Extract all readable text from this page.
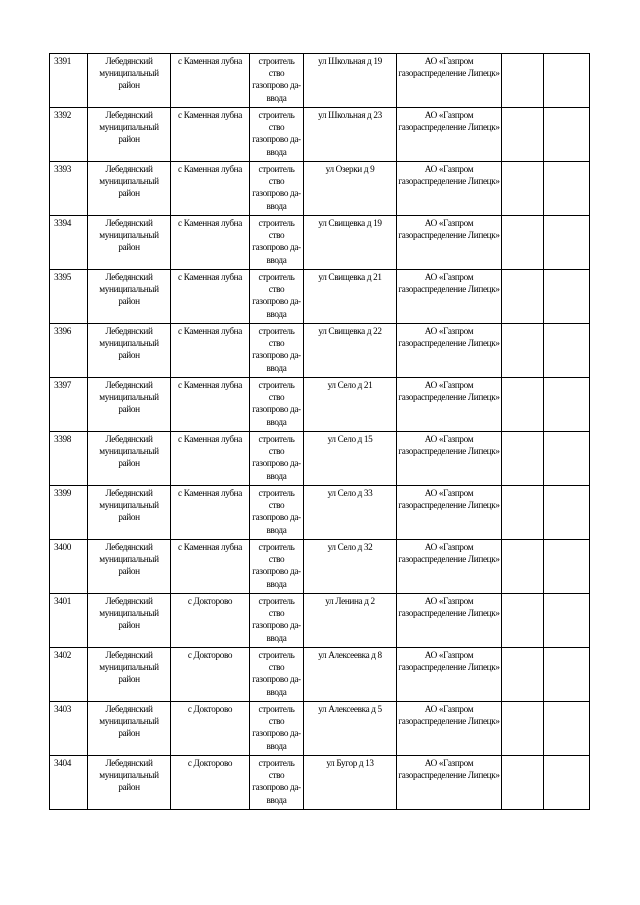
3391	Лебедянский муниципальный район	с Каменная лубна	строитель ство газопрово да-ввода	ул Школьная д 19	АО «Газпром газораспределение Липецк»		

3392	Лебедянский муниципальный район	с Каменная лубна	строитель ство газопрово да-ввода	ул Школьная д 23	АО «Газпром газораспределение Липецк»		

3393	Лебедянский муниципальный район	с Каменная лубна	строитель ство газопрово да-ввода	ул Озерки д 9	АО «Газпром газораспределение Липецк»		

3394	Лебедянский муниципальный район	с Каменная лубна	строитель ство газопрово да-ввода	ул Свищевка д 19	АО «Газпром газораспределение Липецк»		

3395	Лебедянский муниципальный район	с Каменная лубна	строитель ство газопрово да-ввода	ул Свищевка д 21	АО «Газпром газораспределение Липецк»		

3396	Лебедянский муниципальный район	с Каменная лубна	строитель ство газопрово да-ввода	ул Свищевка д 22	АО «Газпром газораспределение Липецк»		

3397	Лебедянский муниципальный район	с Каменная лубна	строитель ство газопрово да-ввода	ул Село д 21	АО «Газпром газораспределение Липецк»		

3398	Лебедянский муниципальный район	с Каменная лубна	строитель ство газопрово да-ввода	ул Село д 15	АО «Газпром газораспределение Липецк»		

3399	Лебедянский муниципальный район	с Каменная лубна	строитель ство газопрово да-ввода	ул Село д 33	АО «Газпром газораспределение Липецк»		

3400	Лебедянский муниципальный район	с Каменная лубна	строитель ство газопрово да-ввода	ул Село д 32	АО «Газпром газораспределение Липецк»		

3401	Лебедянский муниципальный район	с Докторово	строитель ство газопрово да-ввода	ул Ленина д 2	АО «Газпром газораспределение Липецк»		

3402	Лебедянский муниципальный район	с Докторово	строитель ство газопрово да-ввода	ул Алексеевка д 8	АО «Газпром газораспределение Липецк»		

3403	Лебедянский муниципальный район	с Докторово	строитель ство газопрово да-ввода	ул Алексеевка д 5	АО «Газпром газораспределение Липецк»		

3404	Лебедянский муниципальный район	с Докторово	строитель ство газопрово да-ввода	ул Бугор д 13	АО «Газпром газораспределение Липецк»		
